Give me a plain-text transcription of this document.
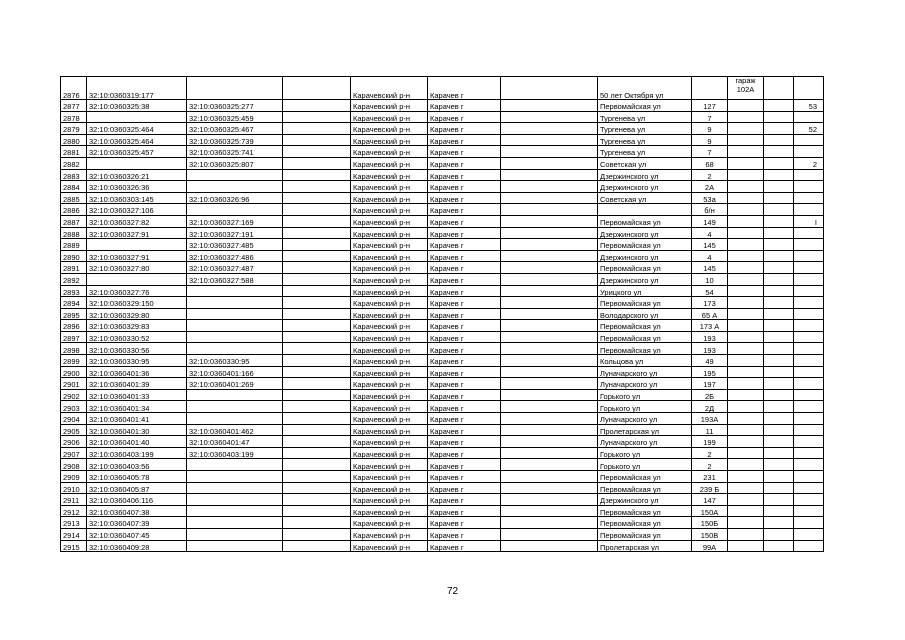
2876	32:10:0360319:177			Карачевский р-н	Карачев г		50 лет Октября ул		гараж 102А		
2877	32:10:0360325:38	32:10:0360325:277		Карачевский р-н	Карачев г		Первомайская ул	127			53
2878		32:10:0360325:459		Карачевский р-н	Карачев г		Тургенева ул	7			
2879	32:10:0360325:464	32:10:0360325:467		Карачевский р-н	Карачев г		Тургенева ул	9			52
2880	32:10:0360325:464	32:10:0360325:739		Карачевский р-н	Карачев г		Тургенева ул	9			
2881	32:10:0360325:457	32:10:0360325:741		Карачевский р-н	Карачев г		Тургенева ул	7			
2882		32:10:0360325:807		Карачевский р-н	Карачев г		Советская ул	68			2
2883	32:10:0360326:21			Карачевский р-н	Карачев г		Дзержинского ул	2			
2884	32:10:0360326:36			Карачевский р-н	Карачев г		Дзержинского ул	2А			
2885	32:10:0360303:145	32:10:0360326:96		Карачевский р-н	Карачев г		Советская ул	53а			
2886	32:10:0360327:106			Карачевский р-н	Карачев г			б/н			
2887	32:10:0360327:82	32:10:0360327:169		Карачевский р-н	Карачев г		Первомайская ул	149			I
2888	32:10:0360327:91	32:10:0360327:191		Карачевский р-н	Карачев г		Дзержинского ул	4			
2889		32:10:0360327:485		Карачевский р-н	Карачев г		Первомайская ул	145			
2890	32:10:0360327:91	32:10:0360327:486		Карачевский р-н	Карачев г		Дзержинского ул	4			
2891	32:10:0360327:80	32:10:0360327:487		Карачевский р-н	Карачев г		Первомайская ул	145			
2892		32:10:0360327:588		Карачевский р-н	Карачев г		Дзержинского ул	10			
2893	32:10:0360327:76			Карачевский р-н	Карачев г		Урицкого ул	54			
2894	32:10:0360329:150			Карачевский р-н	Карачев г		Первомайская ул	173			
2895	32:10:0360329:80			Карачевский р-н	Карачев г		Володарского ул	65 А			
2896	32:10:0360329:83			Карачевский р-н	Карачев г		Первомайская ул	173 А			
2897	32:10:0360330:52			Карачевский р-н	Карачев г		Первомайская ул	193			
2898	32:10:0360330:56			Карачевский р-н	Карачев г		Первомайская ул	193			
2899	32:10:0360330:95	32:10:0360330:95		Карачевский р-н	Карачев г		Кольцова ул	49			
2900	32:10:0360401:36	32:10:0360401:166		Карачевский р-н	Карачев г		Луначарского ул	195			
2901	32:10:0360401:39	32:10:0360401:269		Карачевский р-н	Карачев г		Луначарского ул	197			
2902	32:10:0360401:33			Карачевский р-н	Карачев г		Горького ул	2Б			
2903	32:10:0360401:34			Карачевский р-н	Карачев г		Горького ул	2Д			
2904	32:10:0360401:41			Карачевский р-н	Карачев г		Луначарского ул	193А			
2905	32:10:0360401:30	32:10:0360401:462		Карачевский р-н	Карачев г		Пролетарская ул	11			
2906	32:10:0360401:40	32:10:0360401:47		Карачевский р-н	Карачев г		Луначарского ул	199			
2907	32:10:0360403:199	32:10:0360403:199		Карачевский р-н	Карачев г		Горького ул	2			
2908	32:10:0360403:56			Карачевский р-н	Карачев г		Горького ул	2			
2909	32:10:0360405:78			Карачевский р-н	Карачев г		Первомайская ул	231			
2910	32:10:0360405:87			Карачевский р-н	Карачев г		Первомайская ул	239 Б			
2911	32:10:0360406:116			Карачевский р-н	Карачев г		Дзержинского ул	147			
2912	32:10:0360407:38			Карачевский р-н	Карачев г		Первомайская ул	150А			
2913	32:10:0360407:39			Карачевский р-н	Карачев г		Первомайская ул	150Б			
2914	32:10:0360407:45			Карачевский р-н	Карачев г		Первомайская ул	150В			
2915	32:10:0360409:28			Карачевский р-н	Карачев г		Пролетарская ул	99А			
72
